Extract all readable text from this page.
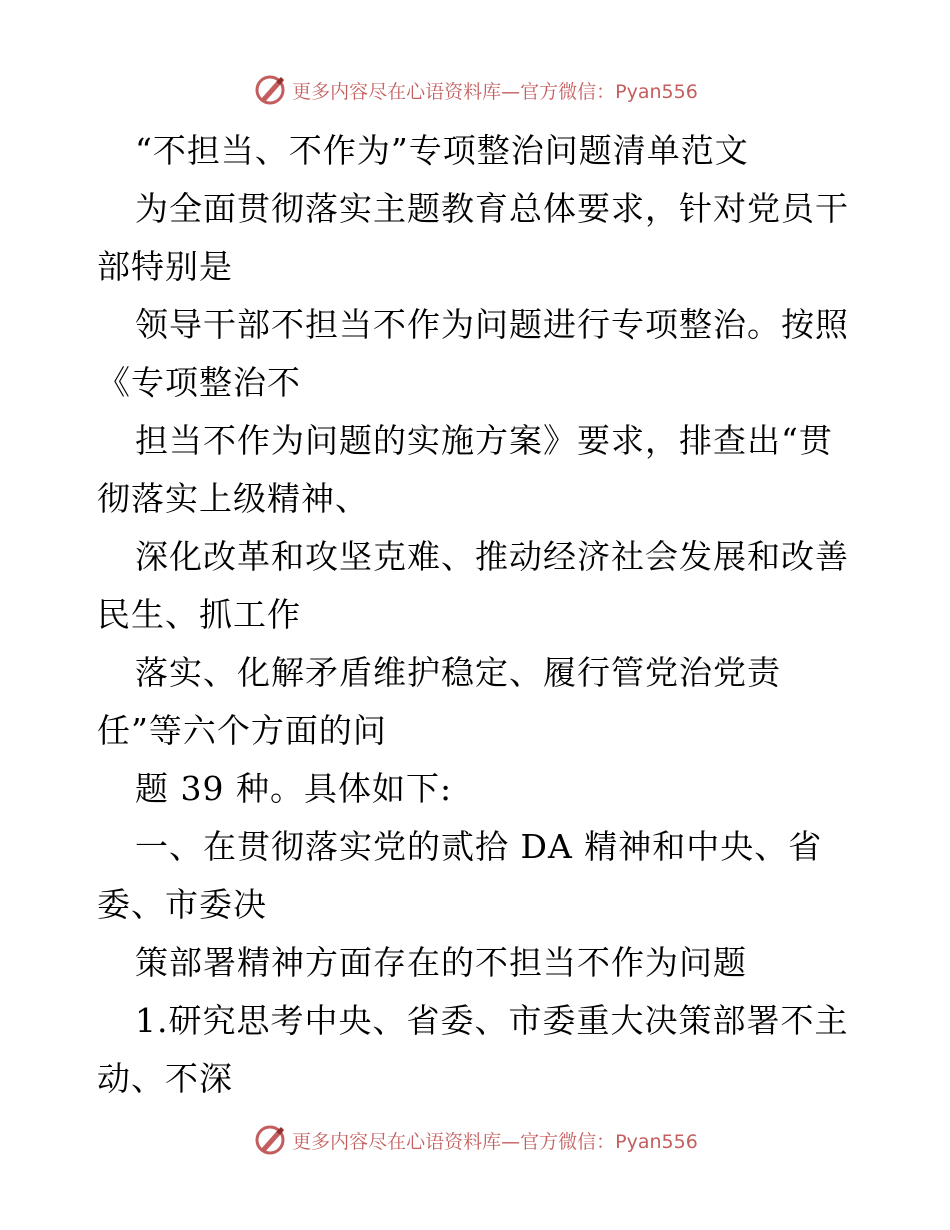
更多内容尽在心语资料库—官方微信：Pyan556
“不担当、不作为”专项整治问题清单范文
为全面贯彻落实主题教育总体要求，针对党员干
部特别是
领导干部不担当不作为问题进行专项整治。按照
《专项整治不
担当不作为问题的实施方案》要求，排查出“贯
彻落实上级精神、
深化改革和攻坚克难、推动经济社会发展和改善
民生、抓工作
落实、化解矛盾维护稳定、履行管党治党责
任”等六个方面的问
题 39 种。具体如下:
一、在贯彻落实党的贰拾 DA 精神和中央、省
委、市委决
策部署精神方面存在的不担当不作为问题
1.研究思考中央、省委、市委重大决策部署不主
动、不深
更多内容尽在心语资料库—官方微信：Pyan556
